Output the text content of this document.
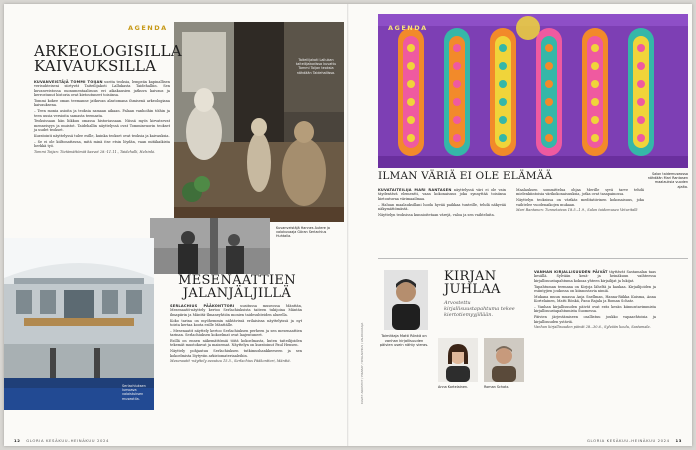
AGENDA
Taiteilijakoti Lallukan taiteilijakodissa kuvattu Tommi Toijan teoksia nähdään Taidehallissa.
ARKEOLOGISILLA
KAIVAUKSILLA

KUVANVEISTÄJÄ TOMMI TOIJAN useita teoksia, lempeän kapinallisen verisuhteiseni siirtyvät Taiteilijakoti Lallukasta Taidehalliin. Sen kuvanveistossa monumentaalisuus eri aikakausien jatkuva kaivaus ja kerrostunut historia ovat kietoutuneet toisiinsa.

Tommi kokee oman teemanne jatkuvan alastomana ihmisenä arkeologiana kaivauksena.

– Teen monia asioita ja teoksia samaan aikaan. Palaan vanhoihin töihin ja teen uusia versioita samasta teemasta.

Teoksissaan hän liikkuu omassa historiassaan. Niissä myös kirvatsevat menneisyys ja muistot. Taidehallin näyttelyssä ovat Tomminvuorin teokset ja uudet teokset.

Kuratointi näyttelyssä tulee esille, kuinka teokset ovat teoksia ja kaivauksia.

– Se ei ole kiiltonattavaa, mitä minä itse etsin löydän, vaan mitäkaikista herkkä työ.

Tommi Toijan: Tietämättömät kasvot 28.-11.11., Taidehalli, Helsinki.

Kuvanveistäjä Hannes Autere ja valokuvaaja Göran Serlachius Huhtalla.
Serlachiuksen lumoava valaistuksen museotila.
MESENAATTIEN
JALANJÄLJILLÄ

SERLACHIUS PÄÄKONTTORI uusitussa museossa Mänttän, Mesenaatit-näyttely kertoo Serlachiuksista taiteen tukijoina Mäntän ilmapiirin ja Mänttä-Ilmaneyhtiön monien taidesuhteiden alueella.

Koko tarina on myöhemmin nähtävissä erilaisissa näyttelyissä ja nyt toista kertaa koota esille Mänttälle.

– Mesenaatit näyttely kertoo Serlachiuksen perheen ja sen mesenaattien tarinan. Serlachiuksen kokoelmat ovat laajentuneet.

Esillä on ennen näkemättömiä töitä kokoelmasta, kuten taiteilijoiden tekemät muotokuvat ja maisemat. Näyttelyn on kuratoinut Paul Hensen.

Näyttely pohjautuu Serlachiuksen tutkimushankkeeseen ja sen kokoelmista löytyviin arkistomateriaaleihin.

Mesenaatit -näyttely avautuu 15.5., Serlachius Pääkonttori, Mänttä.

12 GLORIA KESÄKUU–HEINÄKUU 2024
AGENDA
Salon taidemuseossa nähdään Mari Rantasen maalauksia vuoden ajalta.
ILMAN VÄRIÄ EI OLE ELÄMÄÄ

KUVATAITEILIJA MARI RANTASEN näyttelyssä väri ei ole vain täydentävä elementti, vaan kokonaisuus joka synnyttää toisiinsa kietoutuvaa värimaailmaa.

– Haluan maalauksillani luoda hyvää paikkaa tunteille, tehdä näkyvää näkymättömästä.

Näyttelyn teoksissa kunnioitetaan värejä, valoa ja sen vaihteluita.

Maalauksen sommittelua ohjaa Merille syvä tarve tehdä mielenkiintoisia värikokonaisuuksia, jotka ovat tasapainossa.

Näyttelyn teoksissa on värikäs meditatiivinen kokonaisuus, joka vaihtelee vuodenaikojen mukaan.

Mari Rantanen: Tunnetaivas 18.5.–1.9., Salon taidemuseo Veturitalli

Toimittaja Matti Rönkä on vanhan kirjallisuuden päivien usein nähty vieras.
KIRJAN
JUHLAA
Arvostettu kirjallisuustapahtuma tekee kiertotiemyyjillään.
Anna Kortelainen.	Roman Schatz.

VANHAN KIRJALLISUUDEN PÄIVÄT täyttävät Sastamalan taas kesällä. Sylvään kesä- ja heinäkuun vaihteessa kirjallisuustapahtuma kokoaa yhteen kirjailijat ja lukijat.

Tapahtuman teemana on Kirjoja läheltä ja kaukaa. Kirjailijoiden ja esiintyjien joukossa on kiinnostavia nimiä.

Mukana muun muassa Anja Snellman, Hanna-Riikka Kuisma, Anna Kortelainen, Matti Rönkä, Panu Rajala ja Roman Schatz.

– Vanhan kirjallisuuden päivät ovat eräs kesän kiinnostavimmista kirjallisuustapahtumista Suomessa.

Päivien järjestämiseen osallistuu joukko vapaaehtoisia ja kirjallisuuden ystäviä.

Vanhan kirjallisuuden päivät 28.–30.6., Sylvään koulu, Sastamala.

KUVAT: ARKISTOT / PIXABAY / SERLACHIUS / VALOKUVAAJA
GLORIA KESÄKUU–HEINÄKUU 2024 13
